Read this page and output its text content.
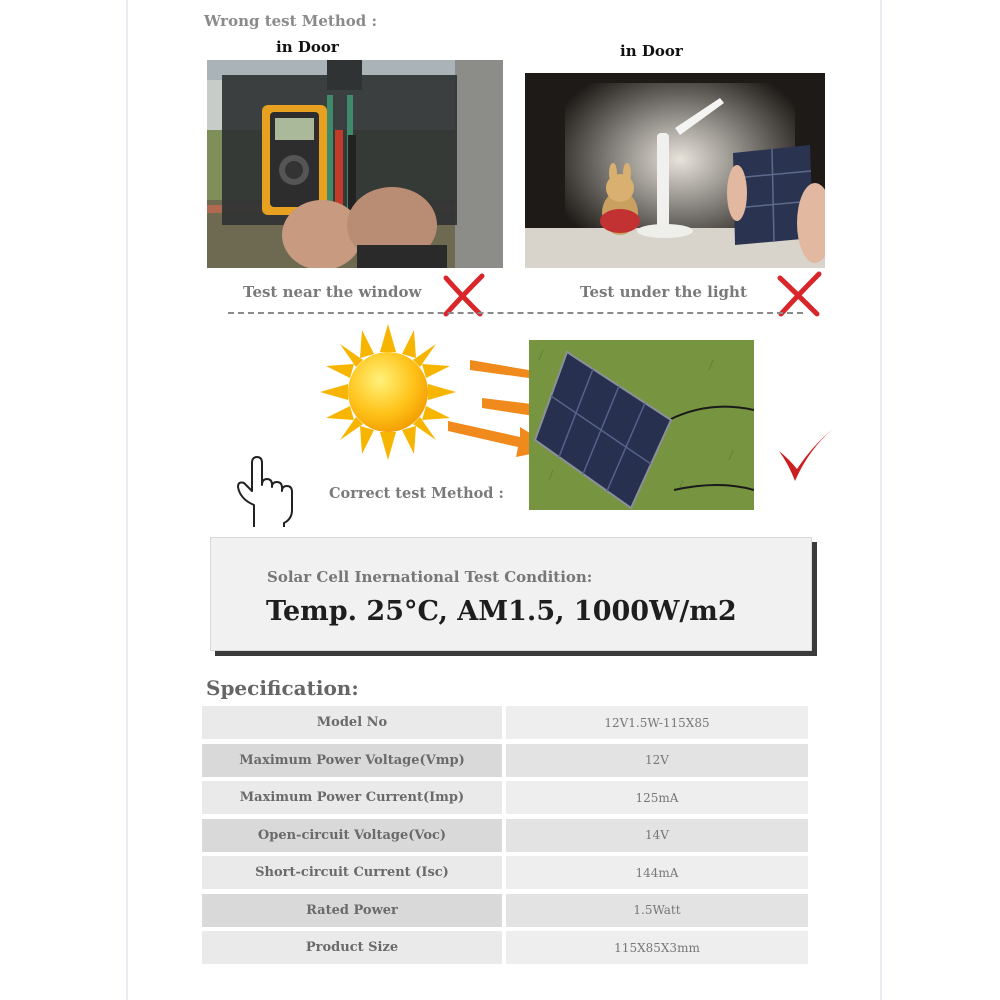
Wrong test Method :
in Door	in Door
Test near the window	Test under the light
Correct test Method :
Solar Cell Inernational Test Condition:
Temp. 25°C, AM1.5, 1000W/m2
Specification:
Model No	12V1.5W-115X85
Maximum Power Voltage(Vmp)	12V
Maximum Power Current(Imp)	125mA
Open-circuit Voltage(Voc)	14V
Short-circuit Current (Isc)	144mA
Rated Power	1.5Watt
Product Size	115X85X3mm
